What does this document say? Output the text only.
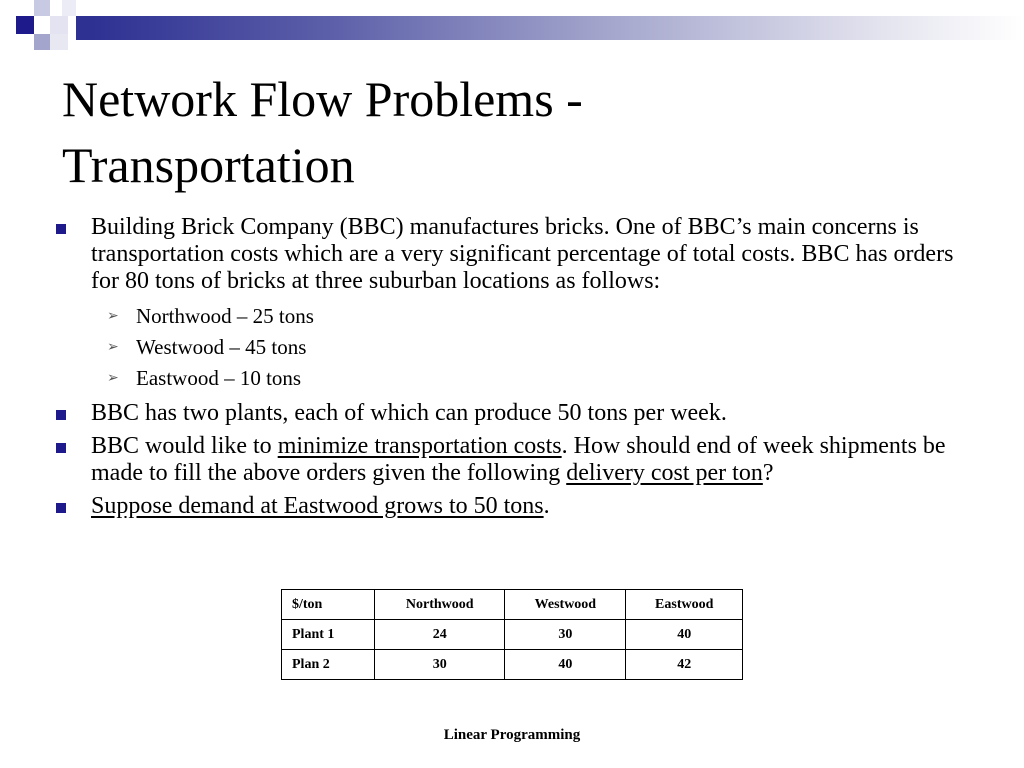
Network Flow Problems -
Transportation
Building Brick Company (BBC) manufactures bricks. One of BBC’s main concerns is transportation costs which are a very significant percentage of total costs. BBC has orders for 80 tons of bricks at three suburban locations as follows:
➢ Northwood – 25 tons
➢ Westwood – 45 tons
➢ Eastwood – 10 tons
BBC has two plants, each of which can produce 50 tons per week.
BBC would like to minimize transportation costs. How should end of week shipments be made to fill the above orders given the following delivery cost per ton?
Suppose demand at Eastwood grows to 50 tons.
$/ton	Northwood	Westwood	Eastwood
Plant 1	24	30	40
Plan 2	30	40	42
Linear Programming
